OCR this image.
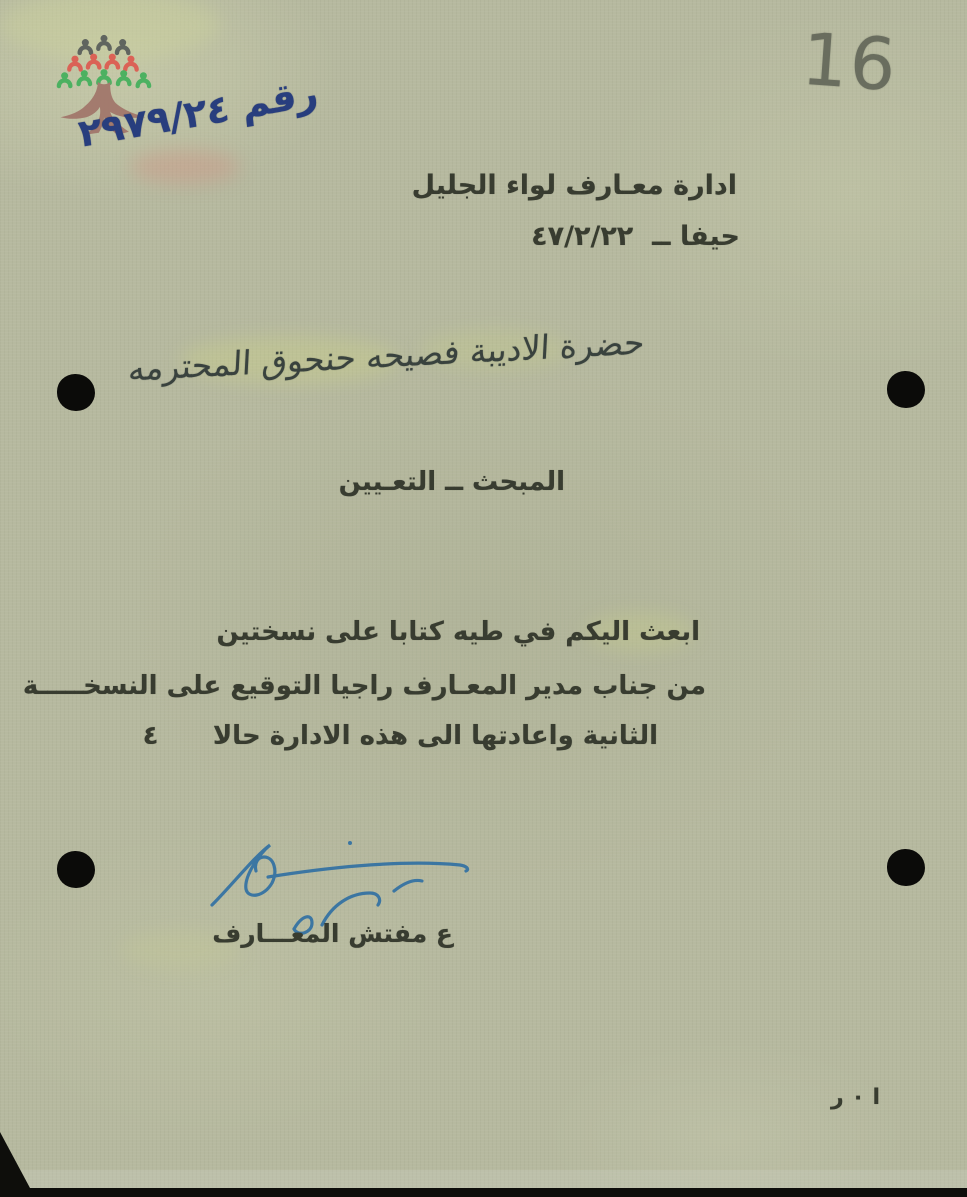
16
رقم ٢٩٧٩/٢٤
ادارة معـارف لواء الجليل
حيفا ــ  ٤٧/٢/٢٢
حضرة الاديبة فصيحه حنحوق المحترمه
المبحث ــ التعـيين
ابعث اليكم في طيه كتابا على نسختين
من جناب مدير المعـارف راجيا التوقيع على النسخـــــة
الثانية واعادتها الى هذه الادارة حالا      ٤
ع مفتش المعـــارف
ا ٠ ر
